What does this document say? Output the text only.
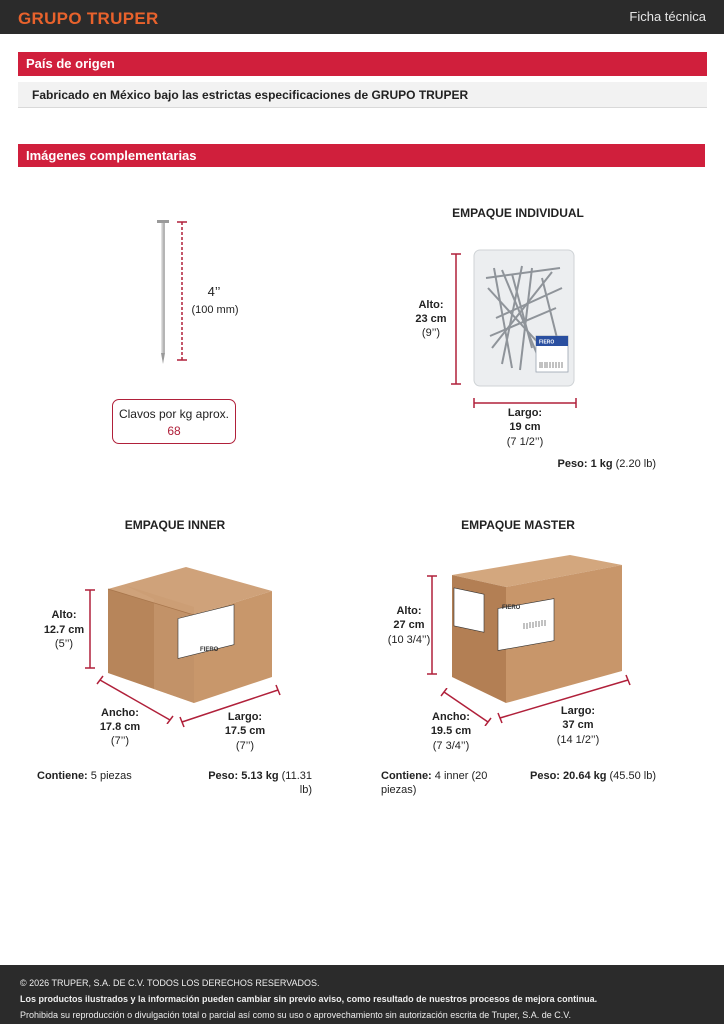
GRUPO TRUPER	Ficha técnica
País de origen
Fabricado en México bajo las estrictas especificaciones de GRUPO TRUPER
Imágenes complementarias
4’’
(100 mm)
Clavos por kg aprox.
68
EMPAQUE INDIVIDUAL
FIERO
Alto:
23 cm
(9’’)
Largo:
19 cm
(7 1/2’’)
Peso: 1 kg (2.20 lb)
EMPAQUE INNER
FIERO
Alto:
12.7 cm
(5’’)
Ancho:
17.8 cm
(7’’)
Largo:
17.5 cm
(7’’)
Contiene: 5 piezas	Peso: 5.13 kg (11.31 lb)
EMPAQUE MASTER
FIERO
Alto:
27 cm
(10 3/4’’)
Ancho:
19.5 cm
(7 3/4’’)
Largo:
37 cm
(14 1/2’’)
Contiene: 4 inner (20 piezas)
Peso: 20.64 kg (45.50 lb)
© 2026 TRUPER, S.A. DE C.V. TODOS LOS DERECHOS RESERVADOS.
Los productos ilustrados y la información pueden cambiar sin previo aviso, como resultado de nuestros procesos de mejora continua.
Prohibida su reproducción o divulgación total o parcial así como su uso o aprovechamiento sin autorización escrita de Truper, S.A. de C.V.
